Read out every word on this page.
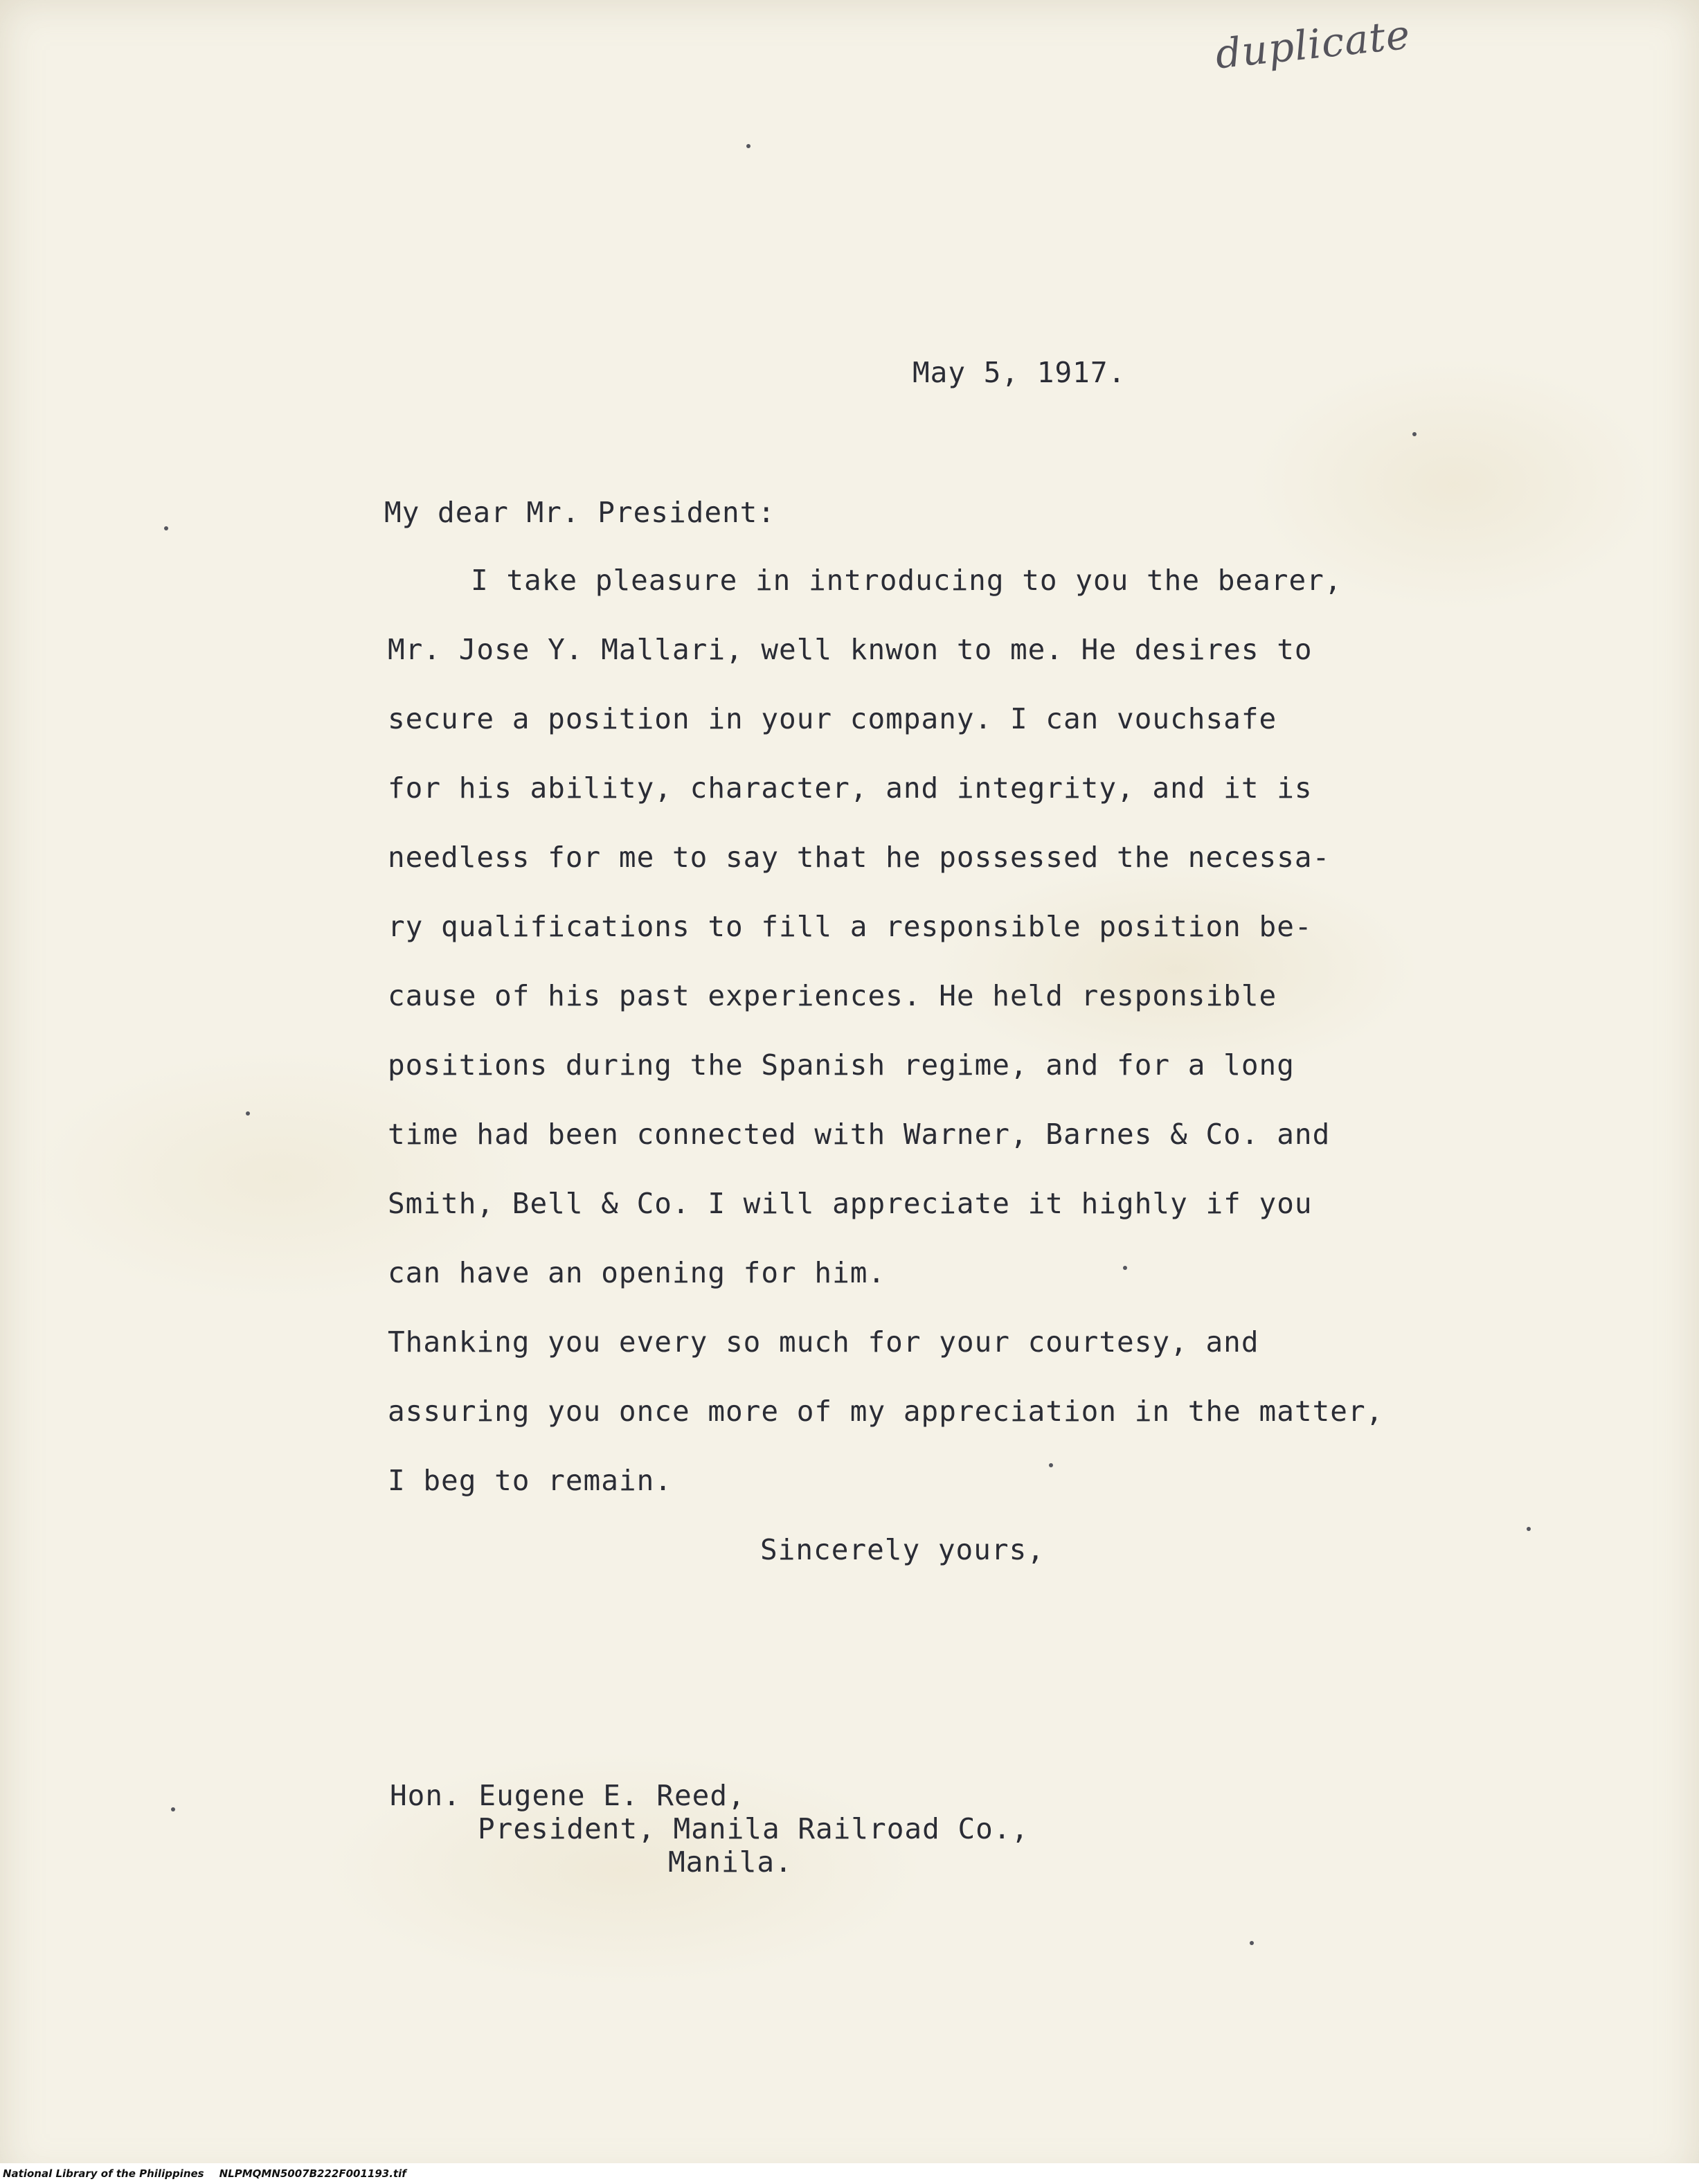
duplicate
May 5, 1917.
My dear Mr. President:
I take pleasure in introducing to you the bearer,
Mr. Jose Y. Mallari, well knwon to me. He desires to
secure a position in your company. I can vouchsafe
for his ability, character, and integrity, and it is
needless for me to say that he possessed the necessa-
ry qualifications to fill a responsible position be-
cause of his past experiences. He held responsible
positions during the Spanish regime, and for a long
time had been connected with Warner, Barnes & Co. and
Smith, Bell & Co. I will appreciate it highly if you
can have an opening for him.
Thanking you every so much for your courtesy, and
assuring you once more of my appreciation in the matter,
I beg to remain.
Sincerely yours,
Hon. Eugene E. Reed,
President, Manila Railroad Co.,
Manila.
National Library of the Philippines NLPMQMN5007B222F001193.tif
